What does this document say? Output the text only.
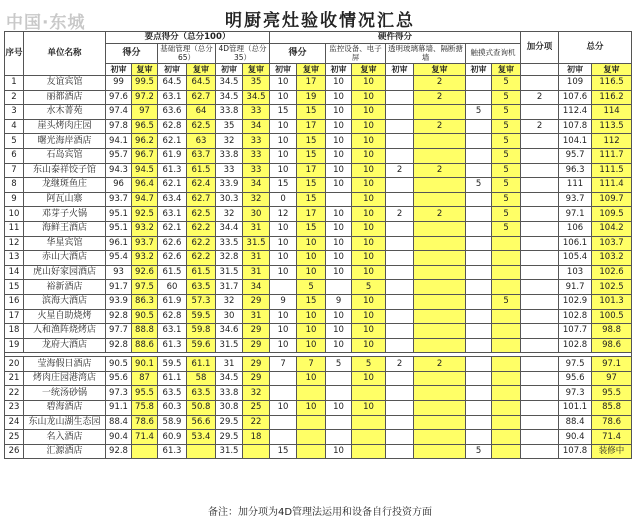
中国·东城	明厨亮灶验收情况汇总
序号	单位名称	要点得分（总分100）						硬件得分								加分项	总分	
		得分		基础管理（总分65）		4D管理（总分35）		得分		监控设备、电子屏		透明玻璃幕墙、隔断搪墙		触摸式查询机				
		初审	复审	初审	复审	初审	复审	初审	复审	初审	复审	初审	复审	初审	复审		初审	复审
1	友谊宾馆	99	99.5	64.5	64.5	34.5	35	10	17	10	10		2		5		109	116.5
2	丽都酒店	97.6	97.2	63.1	62.7	34.5	34.5	10	19	10	10		2		5	2	107.6	116.2
3	水木菁苑	97.4	97	63.6	64	33.8	33	15	15	10	10			5	5		112.4	114
4	崖头烤肉庄园	97.8	96.5	62.8	62.5	35	34	10	17	10	10		2		5	2	107.8	113.5
5	曙光海岸酒店	94.1	96.2	62.1	63	32	33	10	15	10	10				5		104.1	112
6	石岛宾馆	95.7	96.7	61.9	63.7	33.8	33	10	15	10	10				5		95.7	111.7
7	东山泰祥饺子馆	94.3	94.5	61.3	61.5	33	33	10	17	10	10	2	2		5		96.3	111.5
8	龙继斑鱼庄	96	96.4	62.1	62.4	33.9	34	15	15	10	10			5	5		111	111.4
9	阿瓦山寨	93.7	94.7	63.4	62.7	30.3	32	0	15		10				5		93.7	109.7
10	邓芽子火锅	95.1	92.5	63.1	62.5	32	30	12	17	10	10	2	2		5		97.1	109.5
11	海鲜王酒店	95.1	93.2	62.1	62.2	34.4	31	10	15	10	10				5		106	104.2
12	华星宾馆	96.1	93.7	62.6	62.2	33.5	31.5	10	10	10	10						106.1	103.7
13	赤山大酒店	95.4	93.2	62.6	62.2	32.8	31	10	10	10	10						105.4	103.2
14	虎山好家园酒店	93	92.6	61.5	61.5	31.5	31	10	10	10	10						103	102.6
15	裕新酒店	91.7	97.5	60	63.5	31.7	34		5		5						91.7	102.5
16	滨海大酒店	93.9	86.3	61.9	57.3	32	29	9	15	9	10				5		102.9	101.3
17	火星自助烧烤	92.8	90.5	62.8	59.5	30	31	10	10	10	10						102.8	100.5
18	人和渔阵烧烤店	97.7	88.8	63.1	59.8	34.6	29	10	10	10	10						107.7	98.8
19	龙府大酒店	92.8	88.6	61.3	59.6	31.5	29	10	10	10	10						102.8	98.6

20	莹海假日酒店	90.5	90.1	59.5	61.1	31	29	7	7	5	5	2	2				97.5	97.1
21	烤肉庄园港湾店	95.6	87	61.1	58	34.5	29		10		10						95.6	97
22	一统汤砂锅	97.3	95.5	63.5	63.5	33.8	32										97.3	95.5
23	碧海酒店	91.1	75.8	60.3	50.8	30.8	25	10	10	10	10						101.1	85.8
24	东山龙山湖生态园	88.4	78.6	58.9	56.6	29.5	22										88.4	78.6
25	名入酒店	90.4	71.4	60.9	53.4	29.5	18										90.4	71.4
26	汇源酒店	92.8		61.3		31.5		15		10				5			107.8	装修中
备注：加分项为4D管理法运用和设备自行投资方面
